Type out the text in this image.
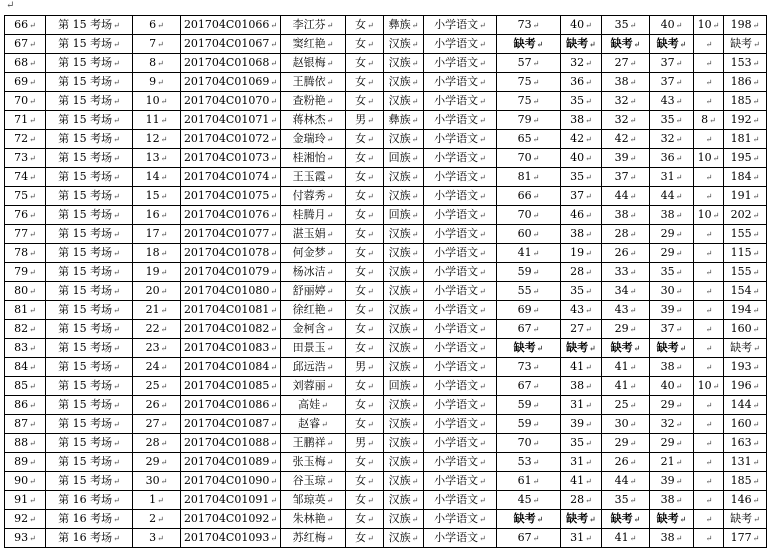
↵
66↵	第 15 考场↵	6↵	201704C01066↵	李江芬↵	女↵	彝族↵	小学语文↵	73↵	40↵	35↵	40↵	10↵	198↵
67↵	第 15 考场↵	7↵	201704C01067↵	窦红艳↵	女↵	汉族↵	小学语文↵	缺考↵	缺考↵	缺考↵	缺考↵	↵	缺考↵
68↵	第 15 考场↵	8↵	201704C01068↵	赵银梅↵	女↵	汉族↵	小学语文↵	57↵	32↵	27↵	37↵	↵	153↵
69↵	第 15 考场↵	9↵	201704C01069↵	王腾依↵	女↵	汉族↵	小学语文↵	75↵	36↵	38↵	37↵	↵	186↵
70↵	第 15 考场↵	10↵	201704C01070↵	查粉艳↵	女↵	汉族↵	小学语文↵	75↵	35↵	32↵	43↵	↵	185↵
71↵	第 15 考场↵	11↵	201704C01071↵	蒋林杰↵	男↵	彝族↵	小学语文↵	79↵	38↵	32↵	35↵	8↵	192↵
72↵	第 15 考场↵	12↵	201704C01072↵	金瑞玲↵	女↵	汉族↵	小学语文↵	65↵	42↵	42↵	32↵	↵	181↵
73↵	第 15 考场↵	13↵	201704C01073↵	桂湘怡↵	女↵	回族↵	小学语文↵	70↵	40↵	39↵	36↵	10↵	195↵
74↵	第 15 考场↵	14↵	201704C01074↵	王玉霞↵	女↵	汉族↵	小学语文↵	81↵	35↵	37↵	31↵	↵	184↵
75↵	第 15 考场↵	15↵	201704C01075↵	付蓉秀↵	女↵	汉族↵	小学语文↵	66↵	37↵	44↵	44↵	↵	191↵
76↵	第 15 考场↵	16↵	201704C01076↵	桂腾月↵	女↵	回族↵	小学语文↵	70↵	46↵	38↵	38↵	10↵	202↵
77↵	第 15 考场↵	17↵	201704C01077↵	湛玉娟↵	女↵	汉族↵	小学语文↵	60↵	38↵	28↵	29↵	↵	155↵
78↵	第 15 考场↵	18↵	201704C01078↵	何金梦↵	女↵	汉族↵	小学语文↵	41↵	19↵	26↵	29↵	↵	115↵
79↵	第 15 考场↵	19↵	201704C01079↵	杨冰洁↵	女↵	汉族↵	小学语文↵	59↵	28↵	33↵	35↵	↵	155↵
80↵	第 15 考场↵	20↵	201704C01080↵	舒丽婷↵	女↵	汉族↵	小学语文↵	55↵	35↵	34↵	30↵	↵	154↵
81↵	第 15 考场↵	21↵	201704C01081↵	徐红艳↵	女↵	汉族↵	小学语文↵	69↵	43↵	43↵	39↵	↵	194↵
82↵	第 15 考场↵	22↵	201704C01082↵	金柯含↵	女↵	汉族↵	小学语文↵	67↵	27↵	29↵	37↵	↵	160↵
83↵	第 15 考场↵	23↵	201704C01083↵	田景玉↵	女↵	汉族↵	小学语文↵	缺考↵	缺考↵	缺考↵	缺考↵	↵	缺考↵
84↵	第 15 考场↵	24↵	201704C01084↵	邱远浩↵	男↵	汉族↵	小学语文↵	73↵	41↵	41↵	38↵	↵	193↵
85↵	第 15 考场↵	25↵	201704C01085↵	刘蓉丽↵	女↵	回族↵	小学语文↵	67↵	38↵	41↵	40↵	10↵	196↵
86↵	第 15 考场↵	26↵	201704C01086↵	高娃↵	女↵	汉族↵	小学语文↵	59↵	31↵	25↵	29↵	↵	144↵
87↵	第 15 考场↵	27↵	201704C01087↵	赵睿↵	女↵	汉族↵	小学语文↵	59↵	39↵	30↵	32↵	↵	160↵
88↵	第 15 考场↵	28↵	201704C01088↵	王鹏祥↵	男↵	汉族↵	小学语文↵	70↵	35↵	29↵	29↵	↵	163↵
89↵	第 15 考场↵	29↵	201704C01089↵	张玉梅↵	女↵	汉族↵	小学语文↵	53↵	31↵	26↵	21↵	↵	131↵
90↵	第 15 考场↵	30↵	201704C01090↵	谷玉琼↵	女↵	汉族↵	小学语文↵	61↵	41↵	44↵	39↵	↵	185↵
91↵	第 16 考场↵	1↵	201704C01091↵	邹琼英↵	女↵	汉族↵	小学语文↵	45↵	28↵	35↵	38↵	↵	146↵
92↵	第 16 考场↵	2↵	201704C01092↵	朱林艳↵	女↵	汉族↵	小学语文↵	缺考↵	缺考↵	缺考↵	缺考↵	↵	缺考↵
93↵	第 16 考场↵	3↵	201704C01093↵	苏红梅↵	女↵	汉族↵	小学语文↵	67↵	31↵	41↵	38↵	↵	177↵
